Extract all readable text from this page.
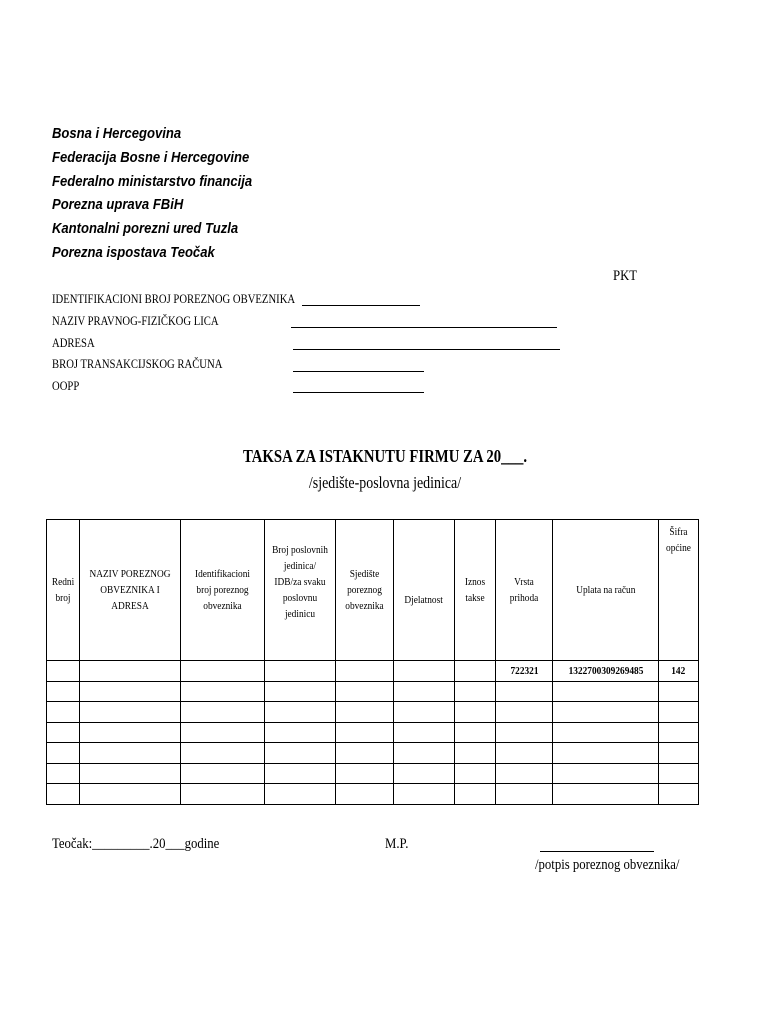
Bosna i Hercegovina
Federacija Bosne i Hercegovine
Federalno ministarstvo financija
Porezna uprava FBiH
Kantonalni porezni ured Tuzla
Porezna ispostava Teočak
PKT
IDENTIFIKACIONI BROJ POREZNOG OBVEZNIKA
NAZIV PRAVNOG-FIZIČKOG LICA
ADRESA
BROJ TRANSAKCIJSKOG RAČUNA
OOPP
TAKSA ZA ISTAKNUTU FIRMU ZA 20___.
/sjedište-poslovna jedinica/
Redni broj	NAZIV POREZNOG OBVEZNIKA I ADRESA	Identifikacioni broj poreznog obveznika	Broj poslovnih jedinica/ IDB/za svaku poslovnu jedinicu	Sjedište poreznog obveznika	Djelatnost	Iznos takse	Vrsta prihoda	Uplata na račun	Šifra općine
							722321	1322700309269485	142

Teočak:_________.20___godine	M.P.
/potpis poreznog obveznika/
